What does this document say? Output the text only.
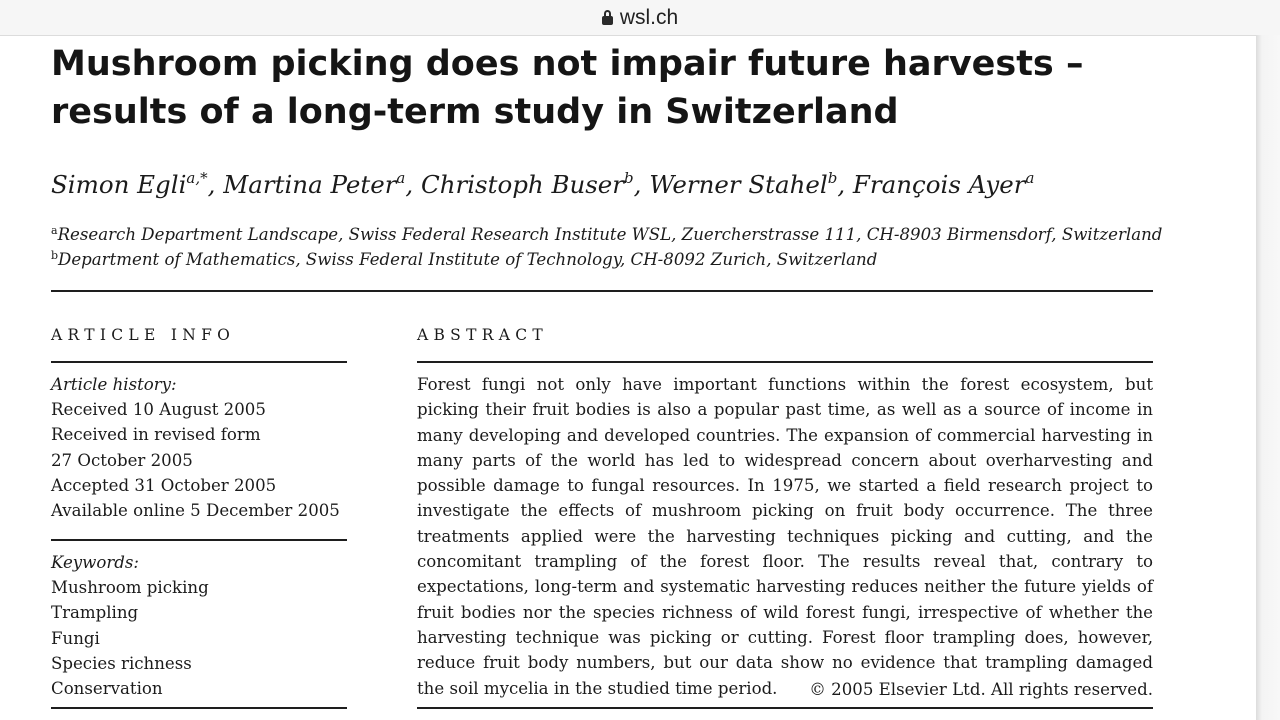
wsl.ch
Mushroom picking does not impair future harvests – results of a long-term study in Switzerland
Simon Egli$^{a,*}$, Martina Peter$^a$, Christoph Buser$^b$, Werner Stahel$^b$, François Ayer$^a$
$^a$Research Department Landscape, Swiss Federal Research Institute WSL, Zuercherstrasse 111, CH-8903 Birmensdorf, Switzerland
$^b$Department of Mathematics, Swiss Federal Institute of Technology, CH-8092 Zurich, Switzerland
ARTICLE INFO
Article history:
Received 10 August 2005
Received in revised form
27 October 2005
Accepted 31 October 2005
Available online 5 December 2005
Keywords:
Mushroom picking
Trampling
Fungi
Species richness
Conservation
ABSTRACT

Forest fungi not only have important functions within the forest ecosystem, but picking their fruit bodies is also a popular past time, as well as a source of income in many developing and developed countries. The expansion of commercial harvesting in many parts of the world has led to widespread concern about overharvesting and possible damage to fungal resources. In 1975, we started a field research project to investigate the effects of mushroom picking on fruit body occurrence. The three treatments applied were the harvesting techniques picking and cutting, and the concomitant trampling of the forest floor. The results reveal that, contrary to expectations, long-term and systematic harvesting reduces neither the future yields of fruit bodies nor the species richness of wild forest fungi, irrespective of whether the harvesting technique was picking or cutting. Forest floor trampling does, however, reduce fruit body numbers, but our data show no evidence that trampling damaged the soil mycelia in the studied time period.	© 2005 Elsevier Ltd. All rights reserved.
